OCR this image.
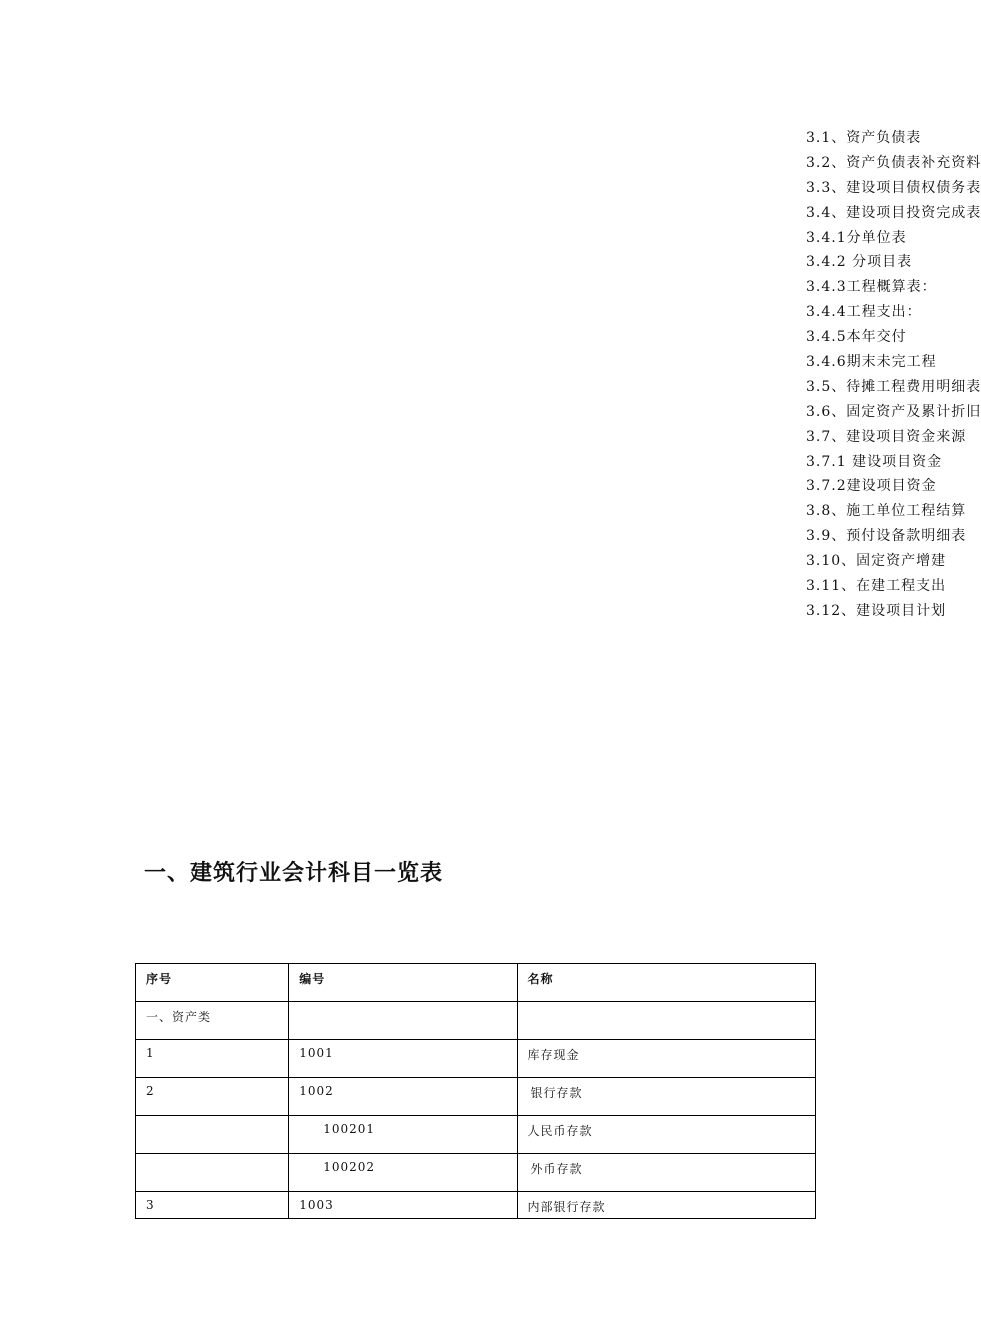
3.1、资产负债表
3.2、资产负债表补充资料
3.3、建设项目债权债务表
3.4、建设项目投资完成表
3.4.1分单位表
3.4.2 分项目表
3.4.3工程概算表：
3.4.4工程支出：
3.4.5本年交付
3.4.6期末未完工程
3.5、待摊工程费用明细表
3.6、固定资产及累计折旧
3.7、建设项目资金来源
3.7.1 建设项目资金
3.7.2建设项目资金
3.8、施工单位工程结算
3.9、预付设备款明细表
3.10、固定资产增建
3.11、在建工程支出
3.12、建设项目计划
一、建筑行业会计科目一览表
序号	编号	名称
一、资产类		
1	1001	库存现金
2	1002	银行存款
	100201	人民币存款
	100202	外币存款
3	1003	内部银行存款
